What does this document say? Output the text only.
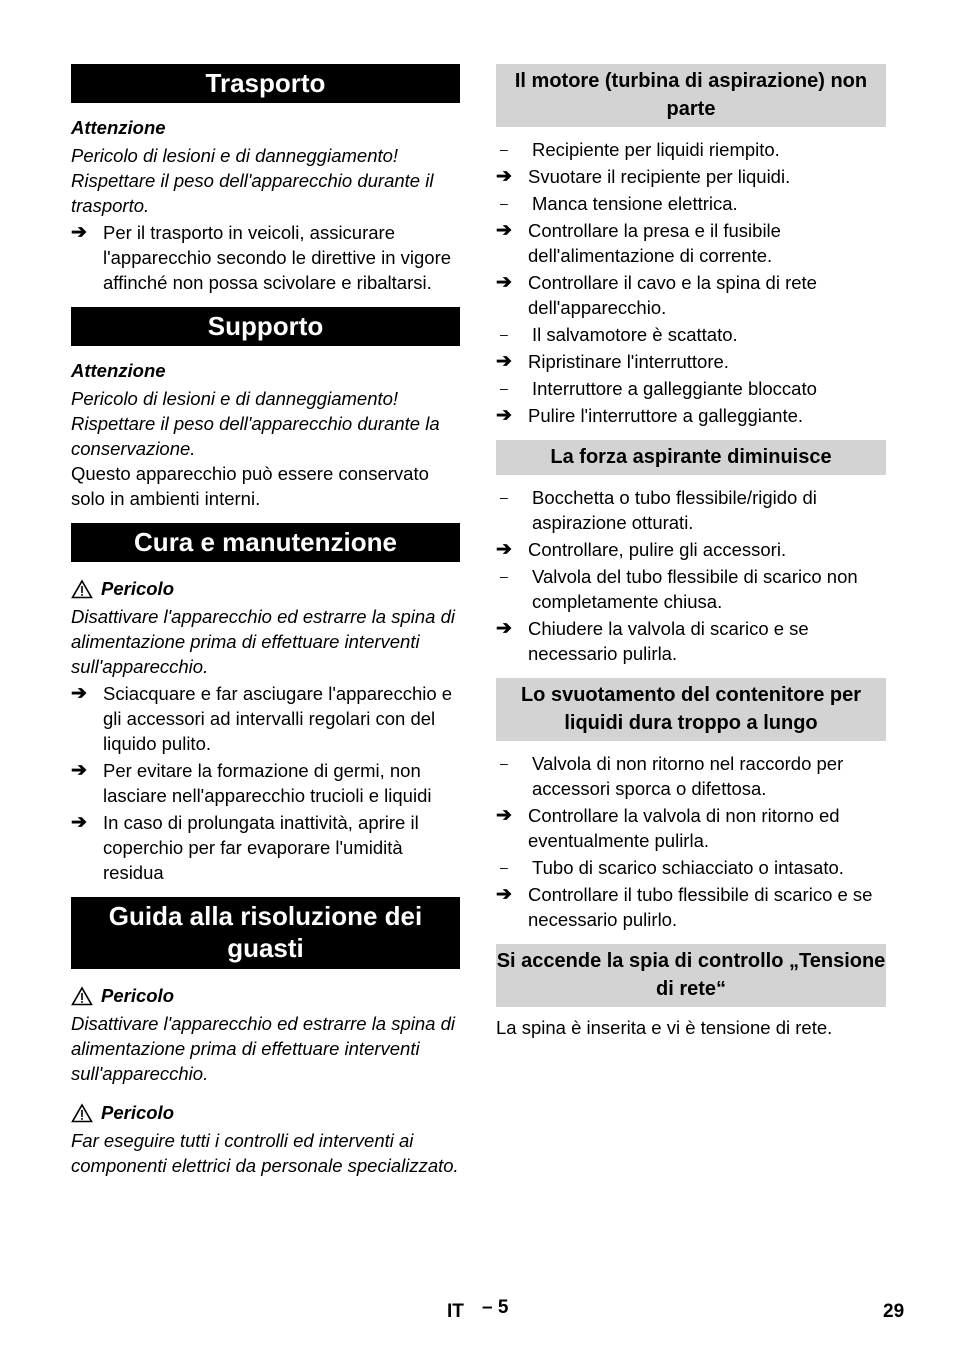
Trasporto
Attenzione
Pericolo di lesioni e di danneggiamento! Rispettare il peso dell'apparecchio durante il trasporto.
➔ Per il trasporto in veicoli, assicurare l'apparecchio secondo le direttive in vigore affinché non possa scivolare e ribaltarsi.
Supporto
Attenzione
Pericolo di lesioni e di danneggiamento! Rispettare il peso dell'apparecchio durante la conservazione.
Questo apparecchio può essere conservato solo in ambienti interni.
Cura e manutenzione
Pericolo
Disattivare l'apparecchio ed estrarre la spina di alimentazione prima di effettuare interventi sull'apparecchio.
➔ Sciacquare e far asciugare l'apparecchio e gli accessori ad intervalli regolari con del liquido pulito.
➔ Per evitare la formazione di germi, non lasciare nell'apparecchio trucioli e liquidi
➔ In caso di prolungata inattività, aprire il coperchio per far evaporare l'umidità residua
Guida alla risoluzione dei guasti
Pericolo
Disattivare l'apparecchio ed estrarre la spina di alimentazione prima di effettuare interventi sull'apparecchio.
Pericolo
Far eseguire tutti i controlli ed interventi ai componenti elettrici da personale specializzato.
Il motore (turbina di aspirazione) non parte
–	Recipiente per liquidi riempito.
➔ Svuotare il recipiente per liquidi.
–	Manca tensione elettrica.
➔ Controllare la presa e il fusibile dell'alimentazione di corrente.
➔ Controllare il cavo e la spina di rete dell'apparecchio.
–	Il salvamotore è scattato.
➔ Ripristinare l'interruttore.
–	Interruttore a galleggiante bloccato
➔ Pulire l'interruttore a galleggiante.
La forza aspirante diminuisce
–	Bocchetta o tubo flessibile/rigido di aspirazione otturati.
➔ Controllare, pulire gli accessori.
–	Valvola del tubo flessibile di scarico non completamente chiusa.
➔ Chiudere la valvola di scarico e se necessario pulirla.
Lo svuotamento del contenitore per liquidi dura troppo a lungo
–	Valvola di non ritorno nel raccordo per accessori sporca o difettosa.
➔ Controllare la valvola di non ritorno ed eventualmente pulirla.
–	Tubo di scarico schiacciato o intasato.
➔ Controllare il tubo flessibile di scarico e se necessario pulirlo.
Si accende la spia di controllo „Tensione di rete“
La spina è inserita e vi è tensione di rete.
IT – 5	29
